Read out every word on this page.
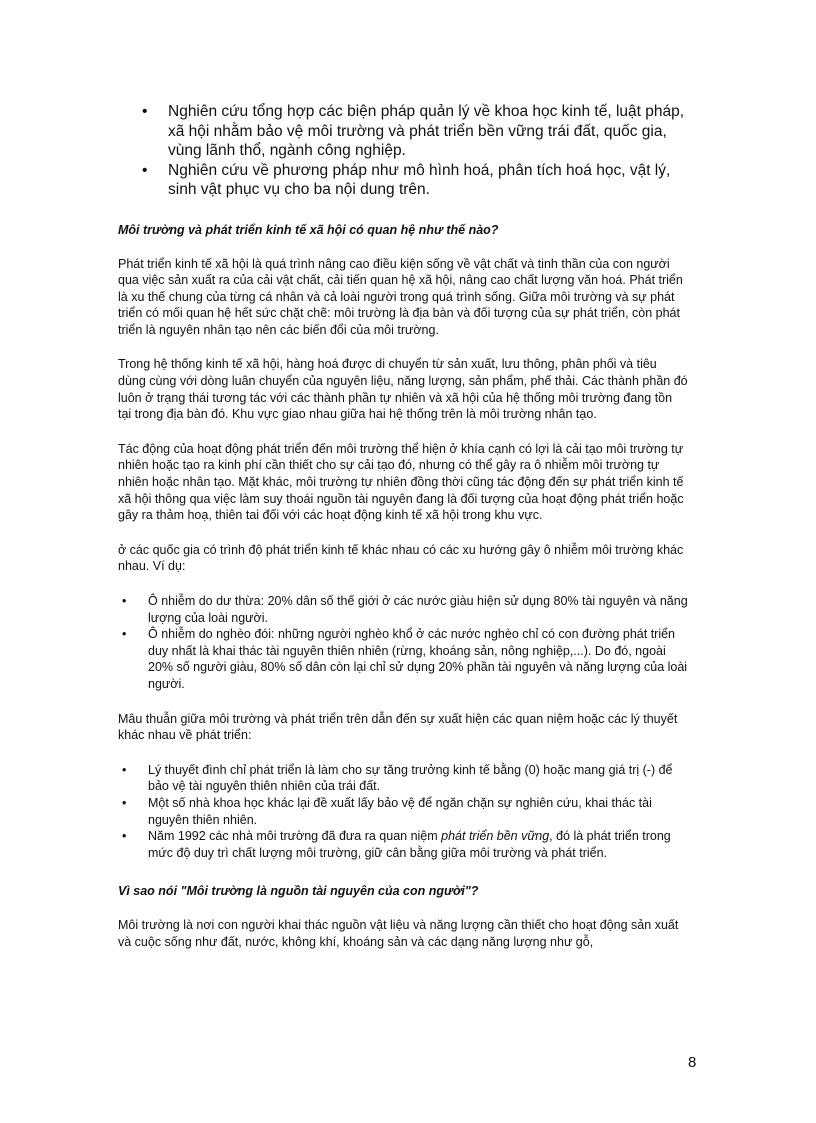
• Nghiên cứu tổng hợp các biện pháp quản lý về khoa học kinh tế, luật pháp, xã hội nhằm bảo vệ môi trường và phát triển bền vững trái đất, quốc gia, vùng lãnh thổ, ngành công nghiệp.
• Nghiên cứu về phương pháp như mô hình hoá, phân tích hoá học, vật lý, sinh vật phục vụ cho ba nội dung trên.

Môi trường và phát triển kinh tế xã hội có quan hệ như thế nào?

Phát triển kinh tế xã hội là quá trình nâng cao điều kiện sống về vật chất và tinh thần của con người qua việc sản xuất ra của cải vật chất, cải tiến quan hệ xã hội, nâng cao chất lượng văn hoá. Phát triển là xu thế chung của từng cá nhân và cả loài người trong quá trình sống. Giữa môi trường và sự phát triển có mối quan hệ hết sức chặt chẽ: môi trường là địa bàn và đối tượng của sự phát triển, còn phát triển là nguyên nhân tạo nên các biến đổi của môi trường.

Trong hệ thống kinh tế xã hội, hàng hoá được di chuyển từ sản xuất, lưu thông, phân phối và tiêu dùng cùng với dòng luân chuyển của nguyên liệu, năng lượng, sản phẩm, phế thải. Các thành phần đó luôn ở trạng thái tương tác với các thành phần tự nhiên và xã hội của hệ thống môi trường đang tồn tại trong địa bàn đó. Khu vực giao nhau giữa hai hệ thống trên là môi trường nhân tạo.

Tác động của hoạt động phát triển đến môi trường thể hiện ở khía cạnh có lợi là cải tạo môi trường tự nhiên hoặc tạo ra kinh phí cần thiết cho sự cải tạo đó, nhưng có thể gây ra ô nhiễm môi trường tự nhiên hoặc nhân tạo. Mặt khác, môi trường tự nhiên đồng thời cũng tác động đến sự phát triển kinh tế xã hội thông qua việc làm suy thoái nguồn tài nguyên đang là đối tượng của hoạt động phát triển hoặc gây ra thảm hoạ, thiên tai đối với các hoạt động kinh tế xã hội trong khu vực.

ở các quốc gia có trình độ phát triển kinh tế khác nhau có các xu hướng gây ô nhiễm môi trường khác nhau. Ví dụ:

• Ô nhiễm do dư thừa: 20% dân số thế giới ở các nước giàu hiện sử dụng 80% tài nguyên và năng lượng của loài người.
• Ô nhiễm do nghèo đói: những người nghèo khổ ở các nước nghèo chỉ có con đường phát triển duy nhất là khai thác tài nguyên thiên nhiên (rừng, khoáng sản, nông nghiệp,...). Do đó, ngoài 20% số người giàu, 80% số dân còn lại chỉ sử dụng 20% phần tài nguyên và năng lượng của loài người.

Mâu thuẫn giữa môi trường và phát triển trên dẫn đến sự xuất hiện các quan niệm hoặc các lý thuyết khác nhau về phát triển:

• Lý thuyết đình chỉ phát triển là làm cho sự tăng trưởng kinh tế bằng (0) hoặc mang giá trị (-) để bảo vệ tài nguyên thiên nhiên của trái đất.
• Một số nhà khoa học khác lại đề xuất lấy bảo vệ để ngăn chặn sự nghiên cứu, khai thác tài nguyên thiên nhiên.
• Năm 1992 các nhà môi trường đã đưa ra quan niệm phát triển bền vững, đó là phát triển trong mức độ duy trì chất lượng môi trường, giữ cân bằng giữa môi trường và phát triển.

Vì sao nói "Môi trường là nguồn tài nguyên của con người"?

Môi trường là nơi con người khai thác nguồn vật liệu và năng lượng cần thiết cho hoạt động sản xuất và cuộc sống như đất, nước, không khí, khoáng sản và các dạng năng lượng như gỗ,

8
